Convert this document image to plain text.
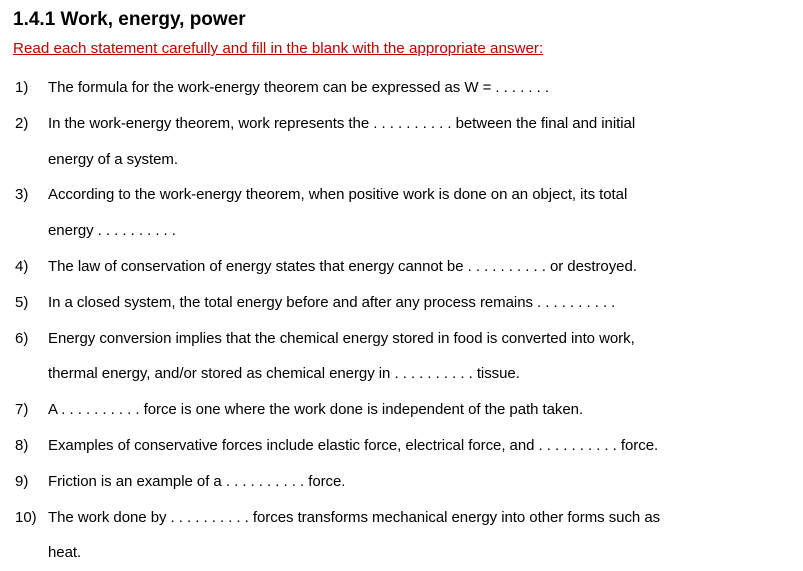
1.4.1 Work, energy, power
Read each statement carefully and fill in the blank with the appropriate answer:
1) The formula for the work-energy theorem can be expressed as W = . . . . . . .
2) In the work-energy theorem, work represents the . . . . . . . . . . between the final and initial
energy of a system.
3) According to the work-energy theorem, when positive work is done on an object, its total
energy . . . . . . . . . .
4) The law of conservation of energy states that energy cannot be . . . . . . . . . . or destroyed.
5) In a closed system, the total energy before and after any process remains . . . . . . . . . .
6) Energy conversion implies that the chemical energy stored in food is converted into work,
thermal energy, and/or stored as chemical energy in . . . . . . . . . . tissue.
7) A . . . . . . . . . . force is one where the work done is independent of the path taken.
8) Examples of conservative forces include elastic force, electrical force, and . . . . . . . . . . force.
9) Friction is an example of a . . . . . . . . . . force.
10) The work done by . . . . . . . . . . forces transforms mechanical energy into other forms such as
heat.
